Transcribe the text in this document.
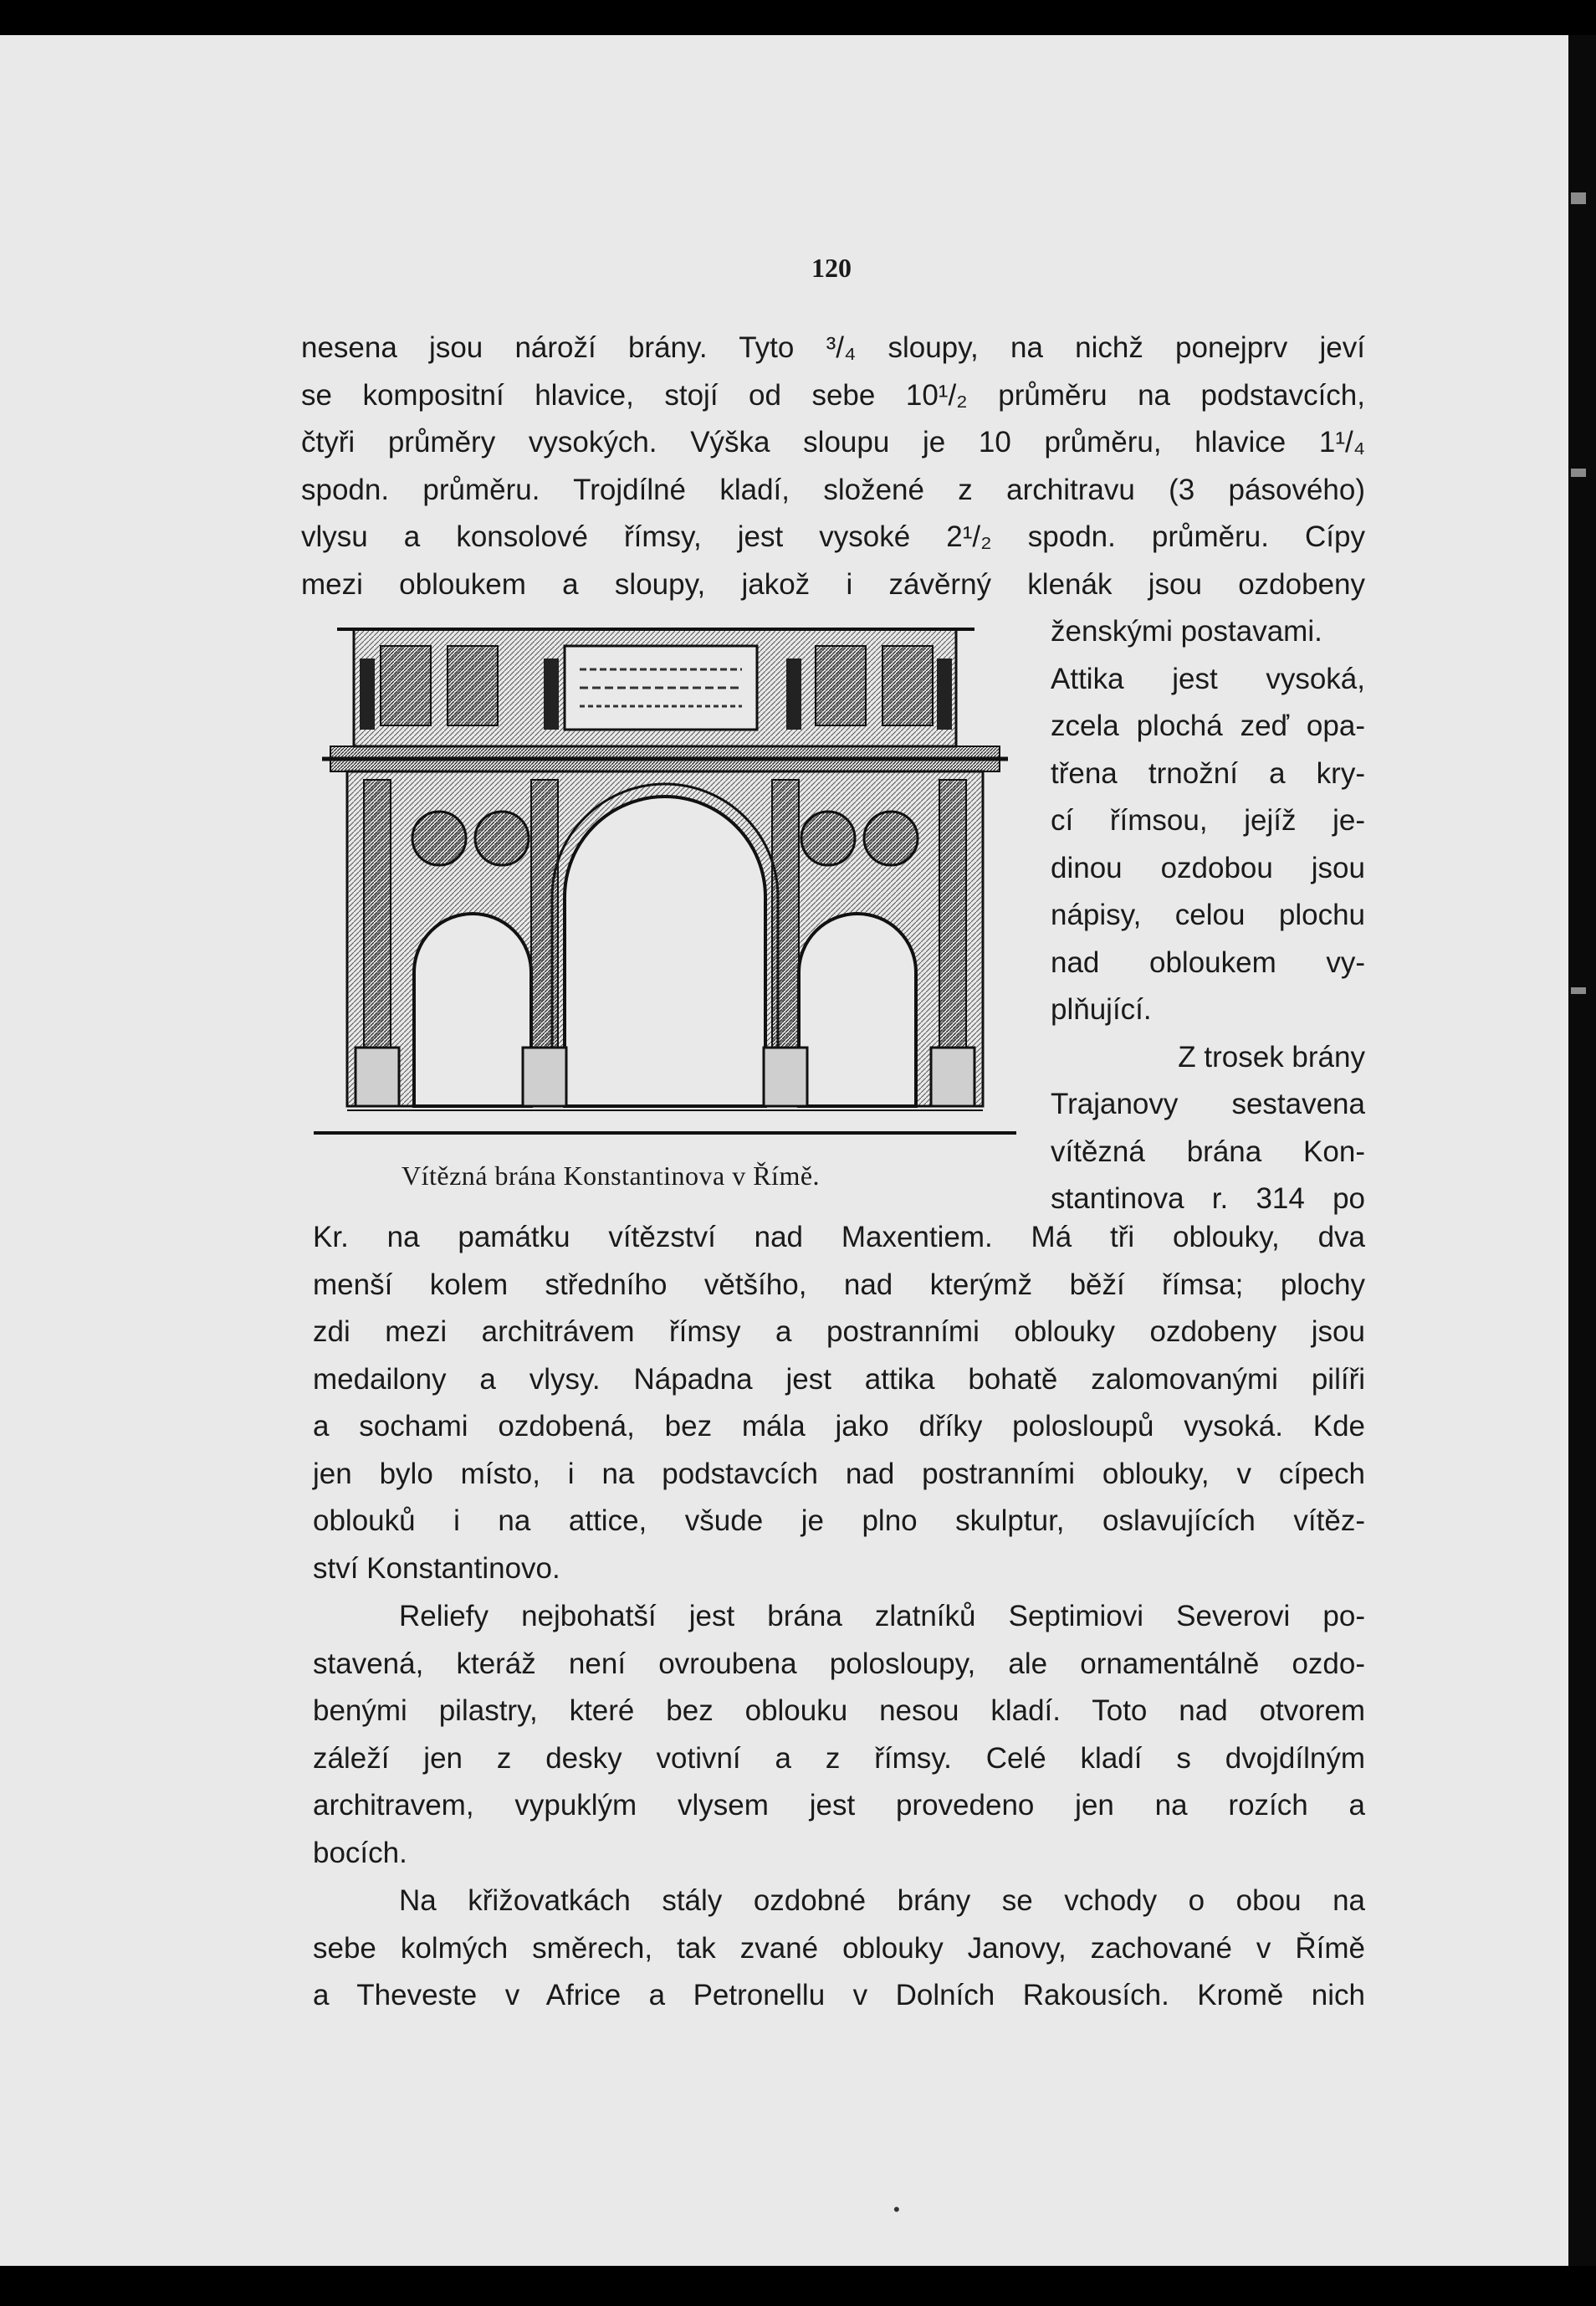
120
nesena jsou nároží brány. Tyto ³/₄ sloupy, na nichž ponejprv jeví
se kompositní hlavice, stojí od sebe 10¹/₂ průměru na podstavcích,
čtyři průměry vysokých. Výška sloupu je 10 průměru, hlavice 1¹/₄
spodn. průměru. Trojdílné kladí, složené z architravu (3 pásového)
vlysu a konsolové římsy, jest vysoké 2¹/₂ spodn. průměru. Cípy
mezi obloukem a sloupy, jakož i závěrný klenák jsou ozdobeny
ženskými postavami.
Attika jest vysoká,
zcela plochá zeď opa-
třena trnožní a kry-
cí římsou, jejíž je-
dinou ozdobou jsou
nápisy, celou plochu
nad obloukem vy-
plňující.
Z trosek brány
Trajanovy sestavena
vítězná brána Kon-
stantinova r. 314 po
Vítězná brána Konstantinova v Římě.
Kr. na památku vítězství nad Maxentiem. Má tři oblouky, dva
menší kolem středního většího, nad kterýmž běží římsa; plochy
zdi mezi architrávem římsy a postranními oblouky ozdobeny jsou
medailony a vlysy. Nápadna jest attika bohatě zalomovanými pilíři
a sochami ozdobená, bez mála jako dříky polosloupů vysoká. Kde
jen bylo místo, i na podstavcích nad postranními oblouky, v cípech
oblouků i na attice, všude je plno skulptur, oslavujících vítěz-
ství Konstantinovo.
Reliefy nejbohatší jest brána zlatníků Septimiovi Severovi po-
stavená, kteráž není ovroubena polosloupy, ale ornamentálně ozdo-
benými pilastry, které bez oblouku nesou kladí. Toto nad otvorem
záleží jen z desky votivní a z římsy. Celé kladí s dvojdílným
architravem, vypuklým vlysem jest provedeno jen na rozích a
bocích.
Na křižovatkách stály ozdobné brány se vchody o obou na
sebe kolmých směrech, tak zvané oblouky Janovy, zachované v Římě
a Theveste v Africe a Petronellu v Dolních Rakousích. Kromě nich
•
